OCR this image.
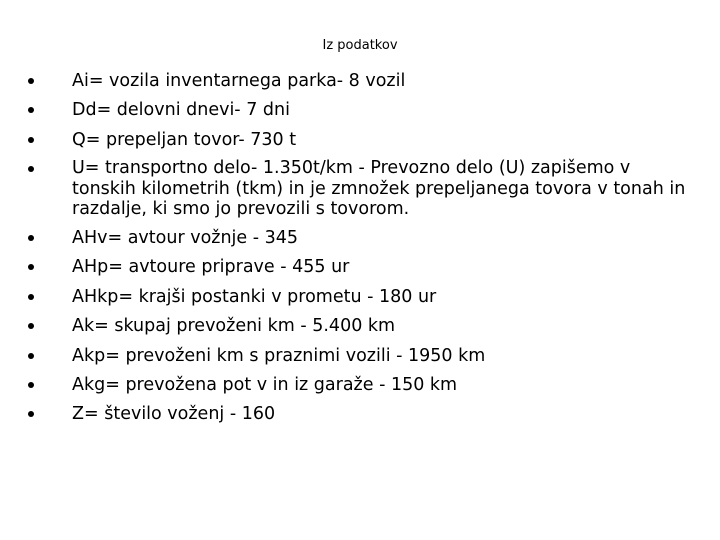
Iz podatkov
Ai= vozila inventarnega parka- 8 vozil
Dd= delovni dnevi- 7 dni
Q= prepeljan tovor- 730 t
U= transportno delo- 1.350t/km - Prevozno delo (U) zapišemo v tonskih kilometrih (tkm) in je zmnožek prepeljanega tovora v tonah in razdalje, ki smo jo prevozili s tovorom.
AHv= avtour vožnje - 345
AHp= avtoure priprave - 455 ur
AHkp= krajši postanki v prometu - 180 ur
Ak= skupaj prevoženi km - 5.400 km
Akp= prevoženi km s praznimi vozili - 1950 km
Akg= prevožena pot v in iz garaže - 150 km
Z= število voženj - 160
